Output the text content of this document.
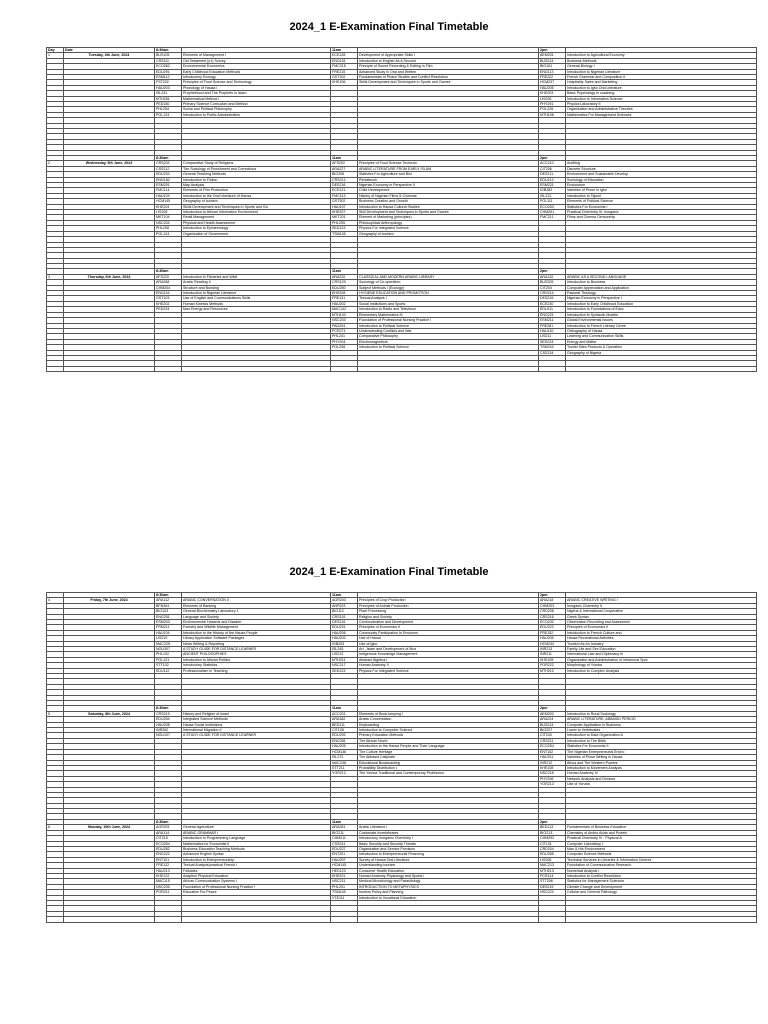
2024_1 E-Examination Final Timetable
Day	Date	8:30am		11am		2pm	
1	Tuesday, 4th June, 2024	BUS105	Elements of Management I	ECE128	Development of Appropriate Skills I	AEM201	Introduction to Agricultural Economy
		CRS111	Old Testament (o.t) Survey	ENG151	Introduction to English As A Second	BUS214	Business Methods
		ECO262	Environmental Economics	FMC215	Principle of Sound Recording & Editing in Film	BIO101	General Biology I
		EDU291	Early Childhood Education Methods	FRE215	Advanced Study in Oral and Written	ENG113	Introduction to Nigerian Literature
		ESM112	Introductory Ecology	GST102	Fundamentals of Peace Studies and Conflict Resolution	FRE222	French Grammar and Composition II
		FST202	Principles of Food Science and Technology	KHE106	Skills Development and Techniques in Sports and Games	HCM237	Hospitality Sales and Marketing
		HAU203	Phonology of Hausa I			HAU205	Introduction to Igbo Oral Literature
		ISL241	Prophethood and The Prophets in Islam			KHE203	Basic Psychology in coaching
		MTH281	Mathematical Method I			LIS206	Introduction to Information Science
		PED150	Primary Science Curriculum and Method			PHY291	Physics Laboratory II
		PHL254	Social and Political Philosophy			POL226	Organization and Administrative Theories
		POL124	Introduction to Public Administration			MTH106	Mathematics For Management Sciences

		8:30am		11am		2pm	
2	Wednesday, 5th June, 2024	CRS202	Comparative Study of Religions	AFS202	Principles of Food Science Technolo	ACC210	Auditing
		CSS212	The Sociology of Punishment and Corrections	ARA227	ARABIC LITERATURE FROM EARLY ISLAM	CIT206	Discrete Structure
		EDU233	General Teaching Methods	BIO206	Statistics For Agriculture and Biol	DES211	Environment and Sustainable Develop
		ENG182	Introduction to Fiction	CRS212	Pentateuch	EDU212	Sociology of Education
		ESM201	Map Analysis	DES216	Nigerian Economy in Perspective II	ESM221	Ecotourism
		FMC114	Elements of Film Production	ECE121	Child Development	IGB282	Varieties of Prose in Igbo
		HAU104	Introduction to the Oral Literature of Hausa	FMC113	History of Nigerian Films & Cinemas	ISL212	Introduction to Tajwid
		HCM145	Geography of tourism	GST302	Business Creation and Growth	POL111	Elements of Political Science
		KHE204	Skills Development and Techniques in Sports and Ga	HAU107	Introduction to Hausa Cultural Studies	ECO253	Statistics For Economist I
		LIS109	Introduction to African Information Environment	KHE207	Skill Development and Techniques in Sports and Games	CHM291	Practical Chemistry III: Inorganic
		MKT104	Retail Management	MKT201	Element of Marketing (principles)	FMC211	Films and Cinema Censorship
		NSC204	Physical and Health Assessment	PHL205	Philosophical Anthropology		
		PHL208	Introduction to Epistemology	SED123	Physics For Integrated Science		
		POL124	Organization of Government	TSM145	Geography of tourism		

		8:30am		11am		2pm	
3	Thursday, 6th June, 2024	AFS220	Introduction to Fisheries and Wildl	ARA232	CLASSICAL AND MODERN ARABIC LIBRARY	ARA132	ARABIC AS A SECOND LANGUAGE
		ARA268	Arabic Reading II	CRS129	Sociology of Co-operation	BUS205	Introduction to Business
		CHM204	Structure and Bonding	EDU250	Subject Methods I (Ecology)	CIT204	Computer Appreciation and Application
		ENG116	Introduction to Nigerian Literature	EHS208	HYGIENE EDUCATION AND PROMOTION	CRS214	Pastoral Theology
		GST103	Use of English and Communications Skills	FRE131	Textual Analysis I	DES215	Nigerian Economy in Perspective I
		KHE202	Human Kinetics Methods	HAU202	Social Institutions and Sports	ECE230	Introduction to Early Childhood Education
		PED234	Man Energy and Resources	MAC142	Introduction to Radio and Television	EDU111	Introduction to Foundations of Educ
				MTH103	Elementary Mathematics III	ENG221	Introduction to Syntactic Models
				NSC203	Foundation of Professional Nursing Practice I	ESM211	Global Environmental Issues
				PAD204	Introduction to Political Science	FRE281	Introduction to French Literary Genre
				PCR271	Understanding Conflicts and War	HAU110	Orthography of Hausa
				PHL241	Comparative Philosophy	LIS211	Learning and Communication Skills
				PHY204	Electromagnetism	SED224	Energy and Matter
				POL206	Introduction to Political Science	TSM244	Tourist Sites Products & Operation
						CSS134	Geography of Nigeria

2024_1 E-Examination Final Timetable
		8:30am		11am		2pm	
4	Friday, 7th June, 2024	ARA112	ARABIC CONVERSATION II	AGR203	Principles of Crop Production	ARA218	ARABIC CREATIVE WRITING I
		BFN304	Elements of Banking	ANP203	Principles of Animal Production	CHM203	Inorganic Chemistry II
		BIO103	General Biochemistry Laboratory 1	BIO112	Plant Processing	CRD208	Nigeria & International Cooperative
		ENG251	Language and Society	CRS151	Religion and Society	CRS216	Greek Syntax
		ESM203	Environmental Hazards and Disaster	DES216	Communication and Development	ECO232	Observation Recording and Assessmen
		FRM211	Forestry and Wildlife Management	EDU231	Principles of Economics II	EDU222	Principles of Economics II
		HAU104	Introduction to the History of the Hausa People	HAU206	Community Participation In Environm	FRE152	Introduction to French Culture and
		LIS210	Library Application Software Packages	HAU202	Use of Hausa	HAU206	Hausa Recreational Activities
		MAC225	News Writing & Reporting	IGB253	Use of Igbo	HCM242	Tourism As An Industry
		NOU307	A STUDY GUIDE FOR DISTANCE LEARNER	ISL245	Art , Islam and Development of Mus	INR213	Family Life and Sex Education
		PHL102	ANCIENT PHILOSOPHIES	LIS212	Indigenous Knowledge Management	INR211	International Law and Diplomacy In
		POL121	Introduction to African Politics	MTH211	Abstract Algebra I	KHE105	Organization and Administration of Intramural Spor
		STT102	Introductory Statistics	NSC217	Human Anatomy II	POR222	Morphology of Yoruba
		EDU112	Professionalism in Teaching	SED123	Physics For Integrated Science	MTH210	Introduction to Complex Analysis

		8:30am		11am		2pm	
5	Saturday, 8th June, 2024	CRS215	History and Religion of Israel	ACC201	Elements of Book-keeping I	AEM202	Introduction to Rural Sociology
		EDU254	Integrated Science Methods	ARA182	Arabic Conversation	ARA224	ARABIC LITERATURE: ABBASID PERIOD
		HAU208	Hausa Social Institutions	BED111	Keyboarding	BUS214	Computer Application In Business
		INR262	International Migration II	CIT108	Introduction to Computer Science	BIO207	Lower to Vertebrates
		NOU107	A STUDY GUIDE FOR DISTANCE LEARNER	EDU292	Primary Education Methods	CIT243	Introduction to Data Organization A
				ENG281	The African Novel	CRS211	Introduction to The Bible
				HAU205	Introduction to the Hausa People and Their Language	ECO254	Statistics For Economist II
				HCM146	The Culture Heritage	ENT102	The Nigerian Entrepreneurial Enviro
				ISL272	The Abbasid Caliphate	HAU211	Varieties of Prose Writing in Hausa
				MAC246	Educational Broadcasting	INR212	Africa and The Western Powers
				STT211	Probability Distribution I	KHE108	Introduction to Movement Analysis
				YOR212	The Yoruba Traditional and Contemporary Profession	NSC218	Human Anatomy IV
						PHY206	Network Analysis and Devices
						YOR213	Use of Yoruba

		8:30am		11am		2pm	
6	Monday, 10th June, 2024	AGR201	General Agriculture	ARA281	Arabic Literature I	BED113	Fundamentals of Business Education
		ARA114	ARABIC GRAMMAR I	BIO211	Coelomate Invertebrates	BIO213	Chemistry of Amino Acids and Protein
		CIT215	Introduction to Programming Language	CHM211	Introductory Inorganic Chemistry I	CHM292	Practical Chemistry IV : Physical A
		ECO254	Mathematics for Economist II	CSS241	Basic Security and Security Threats	CIT101	Computer Laboratory I
		EDU282	Business Education Teaching Methods	EDU227	Organization and Service Provision	CRD204	Man & His Environment
		ENG222	Advanced English Syntax	ENT201	Introduction to Entrepreneurial Financing	EDU258	Computer Science Methods
		ENT101	Introduction to Entrepreneurship	HAU207	Survey of Hausa Oral Literature	LIS206	Technical Services in Libraries & Information Centres
		FRE122	Textual Analysis/practical French I	HCM145	Understanding tourism	MAC213	Foundation of Communication Research
		HAU213	Folktales	HED123	Consumer Health Education	MTH213	Numerical Analysis I
		KHE122	Adaptive Physical Education	KHE201	Human Anatomy Physiology and Sports I	PCR114	Introduction to Conflict Resolution
		MAC115	African Communication Systems I	NSC211	Medical Microbiology and Parasitology	STT206	Statistics for Management Sciences
		NSC205	Foundation of Professional Nursing Practice I	PHL201	INTRODUCTION TO METAPHYSICS	DES219	Climate Change and Development
		POR211	Education For Peace	TSM145	tourism Policy and Planning	NSC224	Cellular and General Pathology
				VTE111	Introduction to Vocational Education		
